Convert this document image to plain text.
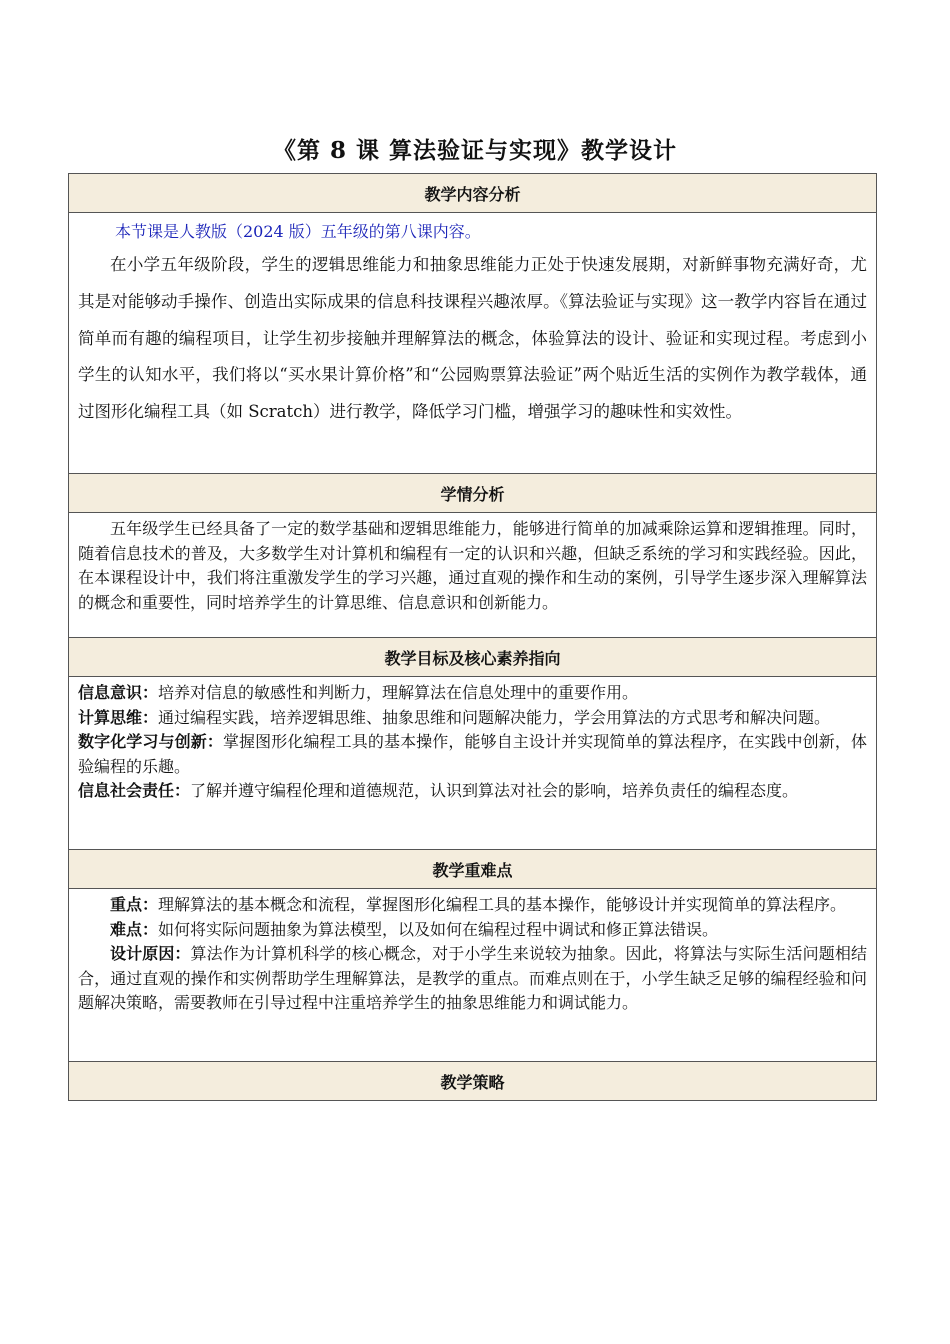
《第 8 课 算法验证与实现》教学设计
教学内容分析

本节课是人教版（2024 版）五年级的第八课内容。

在小学五年级阶段，学生的逻辑思维能力和抽象思维能力正处于快速发展期，对新鲜事物充满好奇，尤其是对能够动手操作、创造出实际成果的信息科技课程兴趣浓厚。《算法验证与实现》这一教学内容旨在通过简单而有趣的编程项目，让学生初步接触并理解算法的概念，体验算法的设计、验证和实现过程。考虑到小学生的认知水平，我们将以“买水果计算价格”和“公园购票算法验证”两个贴近生活的实例作为教学载体，通过图形化编程工具（如 Scratch）进行教学，降低学习门槛，增强学习的趣味性和实效性。

学情分析

五年级学生已经具备了一定的数学基础和逻辑思维能力，能够进行简单的加减乘除运算和逻辑推理。同时，随着信息技术的普及，大多数学生对计算机和编程有一定的认识和兴趣，但缺乏系统的学习和实践经验。因此，在本课程设计中，我们将注重激发学生的学习兴趣，通过直观的操作和生动的案例，引导学生逐步深入理解算法的概念和重要性，同时培养学生的计算思维、信息意识和创新能力。

教学目标及核心素养指向

信息意识：培养对信息的敏感性和判断力，理解算法在信息处理中的重要作用。

计算思维：通过编程实践，培养逻辑思维、抽象思维和问题解决能力，学会用算法的方式思考和解决问题。

数字化学习与创新：掌握图形化编程工具的基本操作，能够自主设计并实现简单的算法程序，在实践中创新，体验编程的乐趣。

信息社会责任：了解并遵守编程伦理和道德规范，认识到算法对社会的影响，培养负责任的编程态度。

教学重难点

重点：理解算法的基本概念和流程，掌握图形化编程工具的基本操作，能够设计并实现简单的算法程序。

难点：如何将实际问题抽象为算法模型，以及如何在编程过程中调试和修正算法错误。

设计原因：算法作为计算机科学的核心概念，对于小学生来说较为抽象。因此，将算法与实际生活问题相结合，通过直观的操作和实例帮助学生理解算法，是教学的重点。而难点则在于，小学生缺乏足够的编程经验和问题解决策略，需要教师在引导过程中注重培养学生的抽象思维能力和调试能力。

教学策略
